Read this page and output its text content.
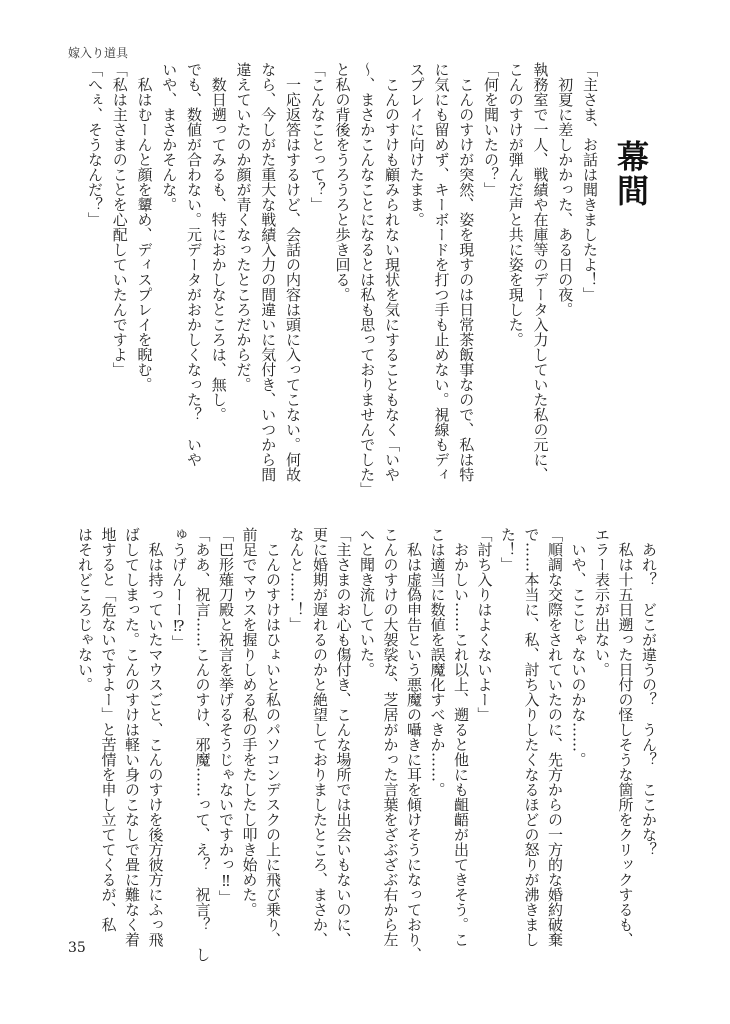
嫁入り道具
幕間
「主さま、お話は聞きましたよ！」
　初夏に差しかかった、ある日の夜。
執務室で一人、戦績や在庫等のデータ入力していた私の元に、
こんのすけが弾んだ声と共に姿を現した。
「何を聞いたの？」
　こんのすけが突然、姿を現すのは日常茶飯事なので、私は特
に気にも留めず、キーボードを打つ手も止めない。視線もディ
スプレイに向けたまま。
　こんのすけも顧みられない現状を気にすることもなく「いや
〜、まさかこんなことになるとは私も思っておりませんでした」
と私の背後をうろうろと歩き回る。
「こんなことって？」
　一応返答はするけど、会話の内容は頭に入ってこない。何故
なら、今しがた重大な戦績入力の間違いに気付き、いつから間
違えていたのか顔が青くなったところだからだ。
　数日遡ってみるも、特におかしなところは、無し。
でも、数値が合わない。元データがおかしくなった？　いや
いや、まさかそんな。
　私はむーんと顔を顰め、ディスプレイを睨む。
「私は主さまのことを心配していたんですよ」
「へぇ、そうなんだ？」
　あれ？　どこが違うの？　うん？　ここかな？
　私は十五日遡った日付の怪しそうな箇所をクリックするも、
エラー表示が出ない。
　いや、ここじゃないのかな……。
「順調な交際をされていたのに、先方からの一方的な婚約破棄
で……本当に、私、討ち入りしたくなるほどの怒りが沸きまし
た！」
「討ち入りはよくないよー」
　おかしい……これ以上、遡ると他にも齟齬が出てきそう。こ
こは適当に数値を誤魔化すべきか……。
　私は虚偽申告という悪魔の囁きに耳を傾けそうになっており、
こんのすけの大袈裟な、芝居がかった言葉をざぶざぶ右から左
へと聞き流していた。
「主さまのお心も傷付き、こんな場所では出会いもないのに、
更に婚期が遅れるのかと絶望しておりましたところ、まさか、
なんと……！」
　こんのすけはひょいと私のパソコンデスクの上に飛び乗り、
前足でマウスを握りしめる私の手をたしたし叩き始めた。
「巴形薙刀殿と祝言を挙げるそうじゃないですかっ‼」
「ああ、祝言……こんのすけ、邪魔……って、え？　祝言？　し
ゅうげんーー⁉」
　私は持っていたマウスごと、こんのすけを後方彼方にふっ飛
ばしてしまった。こんのすけは軽い身のこなしで畳に難なく着
地すると「危ないですよー」と苦情を申し立ててくるが、私
はそれどころじゃない。
35
